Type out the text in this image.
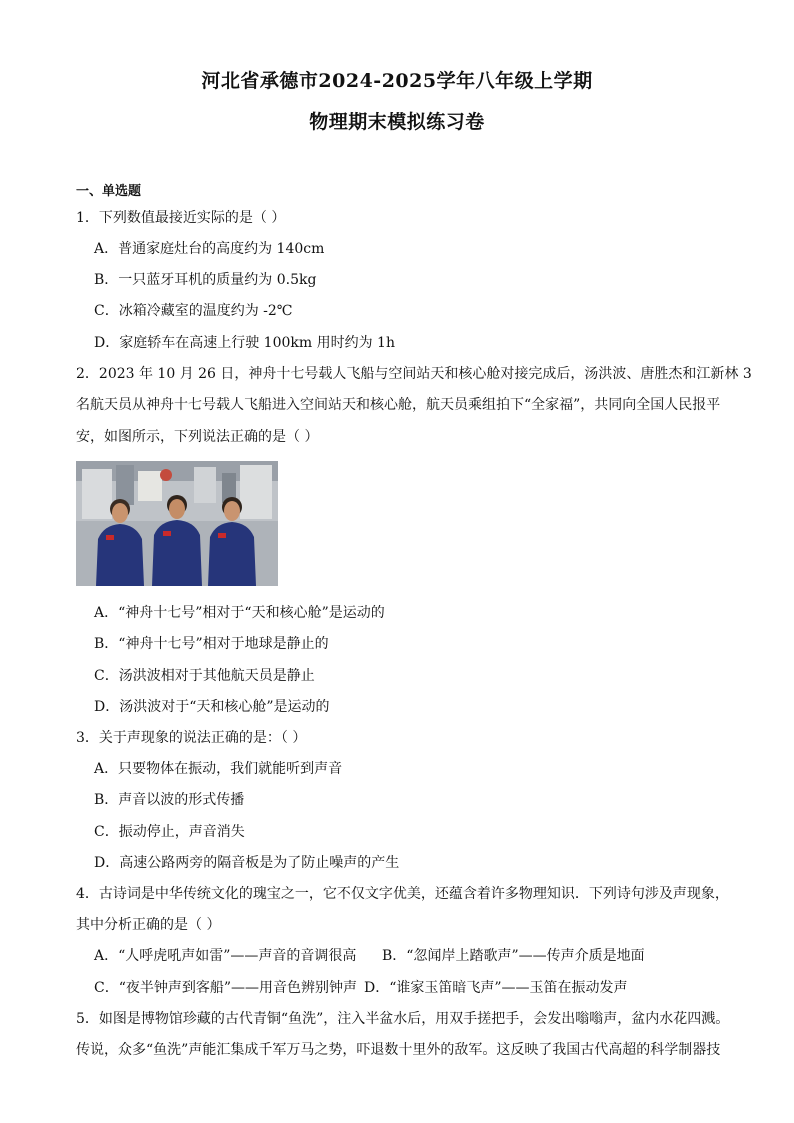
河北省承德市2024-2025学年八年级上学期
物理期末模拟练习卷
一、单选题
1．下列数值最接近实际的是（ ）
A．普通家庭灶台的高度约为 140cm
B．一只蓝牙耳机的质量约为 0.5kg
C．冰箱冷藏室的温度约为 -2℃
D．家庭轿车在高速上行驶 100km 用时约为 1h
2．2023 年 10 月 26 日，神舟十七号载人飞船与空间站天和核心舱对接完成后，汤洪波、唐胜杰和江新林 3
名航天员从神舟十七号载人飞船进入空间站天和核心舱，航天员乘组拍下“全家福”，共同向全国人民报平
安，如图所示，下列说法正确的是（ ）
A．“神舟十七号”相对于“天和核心舱”是运动的
B．“神舟十七号”相对于地球是静止的
C．汤洪波相对于其他航天员是静止
D．汤洪波对于“天和核心舱”是运动的
3．关于声现象的说法正确的是：（ ）
A．只要物体在振动，我们就能听到声音
B．声音以波的形式传播
C．振动停止，声音消失
D．高速公路两旁的隔音板是为了防止噪声的产生
4．古诗词是中华传统文化的瑰宝之一，它不仅文字优美，还蕴含着许多物理知识．下列诗句涉及声现象，
其中分析正确的是（ ）
A．“人呼虎吼声如雷”——声音的音调很高 B．“忽闻岸上踏歌声”——传声介质是地面
C．“夜半钟声到客船”——用音色辨别钟声 D．“谁家玉笛暗飞声”——玉笛在振动发声
5．如图是博物馆珍藏的古代青铜“鱼洗”，注入半盆水后，用双手搓把手，会发出嗡嗡声，盆内水花四溅。
传说，众多“鱼洗”声能汇集成千军万马之势，吓退数十里外的敌军。这反映了我国古代高超的科学制器技
